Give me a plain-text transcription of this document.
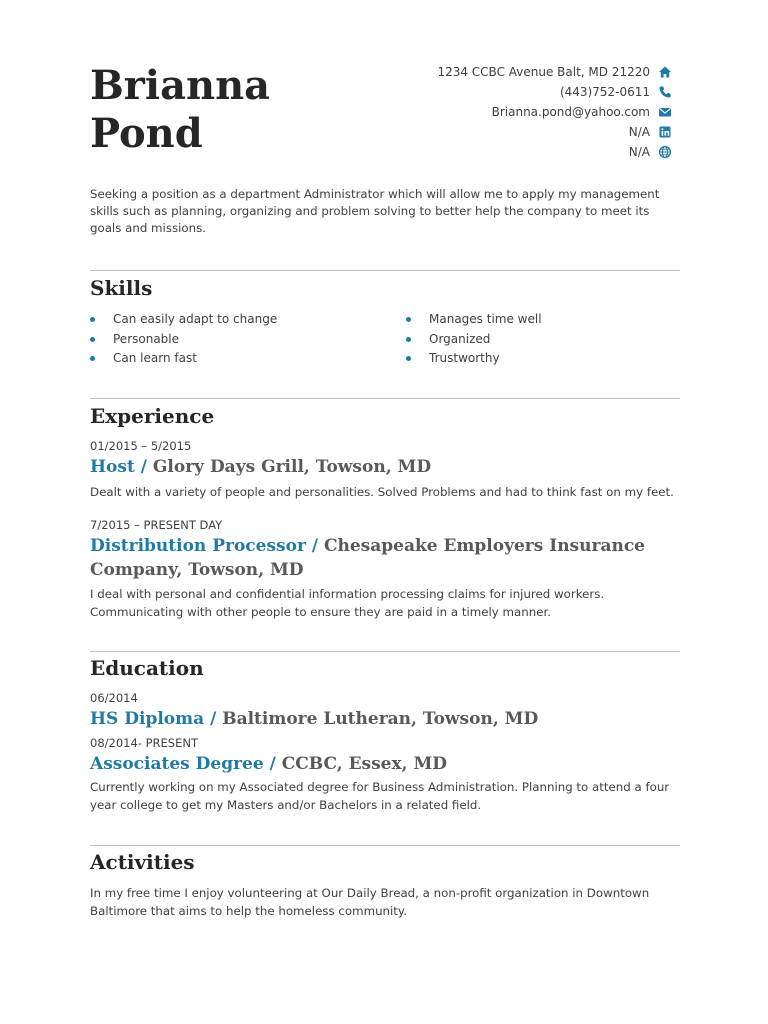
Brianna
Pond
1234 CCBC Avenue Balt, MD 21220
(443)752-0611
Brianna.pond@yahoo.com
N/A
N/A
Seeking a position as a department Administrator which will allow me to apply my management skills such as planning, organizing and problem solving to better help the company to meet its goals and missions.
Skills
Can easily adapt to change
Personable
Can learn fast
Manages time well
Organized
Trustworthy
Experience
01/2015 – 5/2015
Host / Glory Days Grill, Towson, MD
Dealt with a variety of people and personalities. Solved Problems and had to think fast on my feet.
7/2015 – PRESENT DAY
Distribution Processor / Chesapeake Employers Insurance Company, Towson, MD
I deal with personal and confidential information processing claims for injured workers. Communicating with other people to ensure they are paid in a timely manner.
Education
06/2014
HS Diploma / Baltimore Lutheran, Towson, MD
08/2014- PRESENT
Associates Degree / CCBC, Essex, MD
Currently working on my Associated degree for Business Administration. Planning to attend a four year college to get my Masters and/or Bachelors in a related field.
Activities
In my free time I enjoy volunteering at Our Daily Bread, a non-profit organization in Downtown Baltimore that aims to help the homeless community.
